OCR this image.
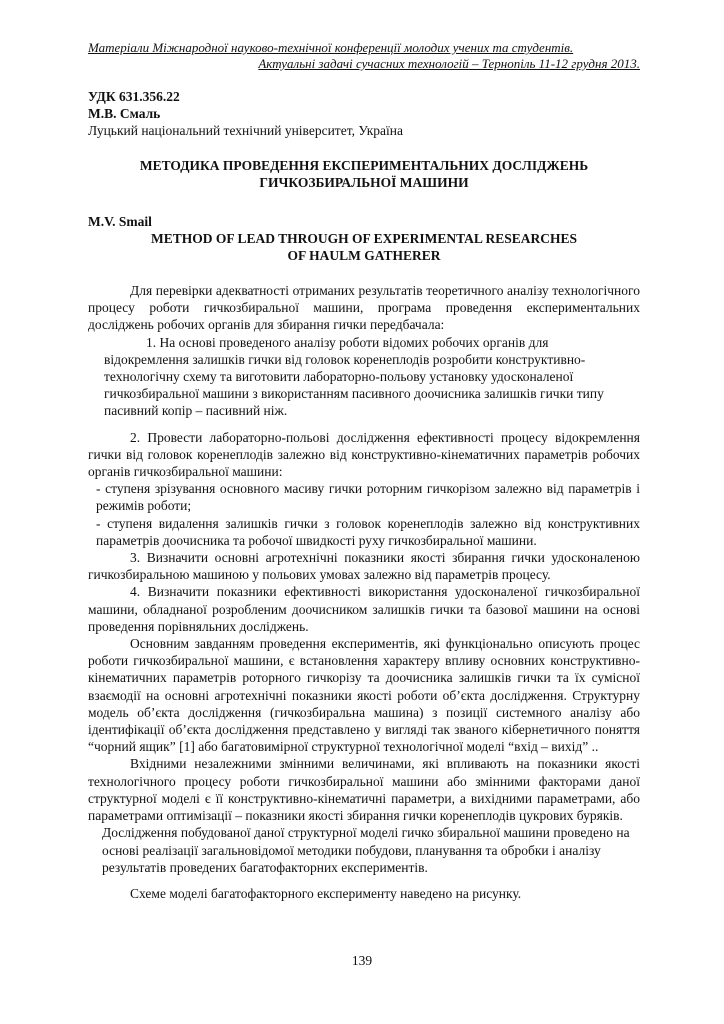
Матеріали Міжнародної науково-технічної конференції молодих учених та студентів.
Актуальні задачі сучасних технологій – Тернопіль 11-12 грудня 2013.
УДК 631.356.22
М.В. Смаль
Луцький національний технічний університет, Україна
МЕТОДИКА ПРОВЕДЕННЯ ЕКСПЕРИМЕНТАЛЬНИХ ДОСЛІДЖЕНЬ
ГИЧКОЗБИРАЛЬНОЇ МАШИНИ
M.V. Smail
METHOD OF LEAD THROUGH OF EXPERIMENTAL RESEARCHES
OF HAULM GATHERER

Для перевірки адекватності отриманих результатів теоретичного аналізу технологічного процесу роботи гичкозбиральної машини, програма проведення експериментальних досліджень робочих органів для збирання гички передбачала:

1. На основі проведеного аналізу роботи відомих робочих органів для
відокремлення залишків гички від головок коренеплодів розробити конструктивно-технологічну схему та виготовити лабораторно-польову установку удосконаленої гичкозбиральної машини з використанням пасивного доочисника залишків гички типу пасивний копір – пасивний ніж.

2. Провести лабораторно-польові дослідження ефективності процесу відокремлення гички від головок коренеплодів залежно від конструктивно-кінематичних параметрів робочих органів гичкозбиральної машини:

- ступеня зрізування основного масиву гички роторним гичкорізом залежно від параметрів і режимів роботи;

- ступеня видалення залишків гички з головок коренеплодів залежно від конструктивних параметрів доочисника та робочої швидкості руху гичкозбиральної машини.

3. Визначити основні агротехнічні показники якості збирання гички удосконаленою гичкозбиральною машиною у польових умовах залежно від параметрів процесу.

4. Визначити показники ефективності використання удосконаленої гичкозбиральної машини, обладнаної розробленим доочисником залишків гички та базової машини на основі проведення порівняльних досліджень.

Основним завданням проведення експериментів, які функціонально описують процес роботи гичкозбиральної машини, є встановлення характеру впливу основних конструктивно-кінематичних параметрів роторного гичкорізу та доочисника залишків гички та їх сумісної взаємодії на основні агротехнічні показники якості роботи об’єкта дослідження. Структурну модель об’єкта дослідження (гичкозбиральна машина) з позиції системного аналізу або ідентифікації об’єкта дослідження представлено у вигляді так званого кібернетичного поняття “чорний ящик” [1] або багатовимірної структурної технологічної моделі “вхід – вихід” ..

Вхідними незалежними змінними величинами, які впливають на показники якості технологічного процесу роботи гичкозбиральної машини або змінними факторами даної структурної моделі є її конструктивно-кінематичні параметри, а вихідними параметрами, або параметрами оптимізації – показники якості збирання гички коренеплодів цукрових буряків.

Дослідження побудованої даної структурної моделі гичко збиральної машини проведено на основі реалізації загальновідомої методики побудови, планування та обробки і аналізу результатів проведених багатофакторних експериментів.

Схеме моделі багатофакторного експерименту наведено на рисунку.

139
